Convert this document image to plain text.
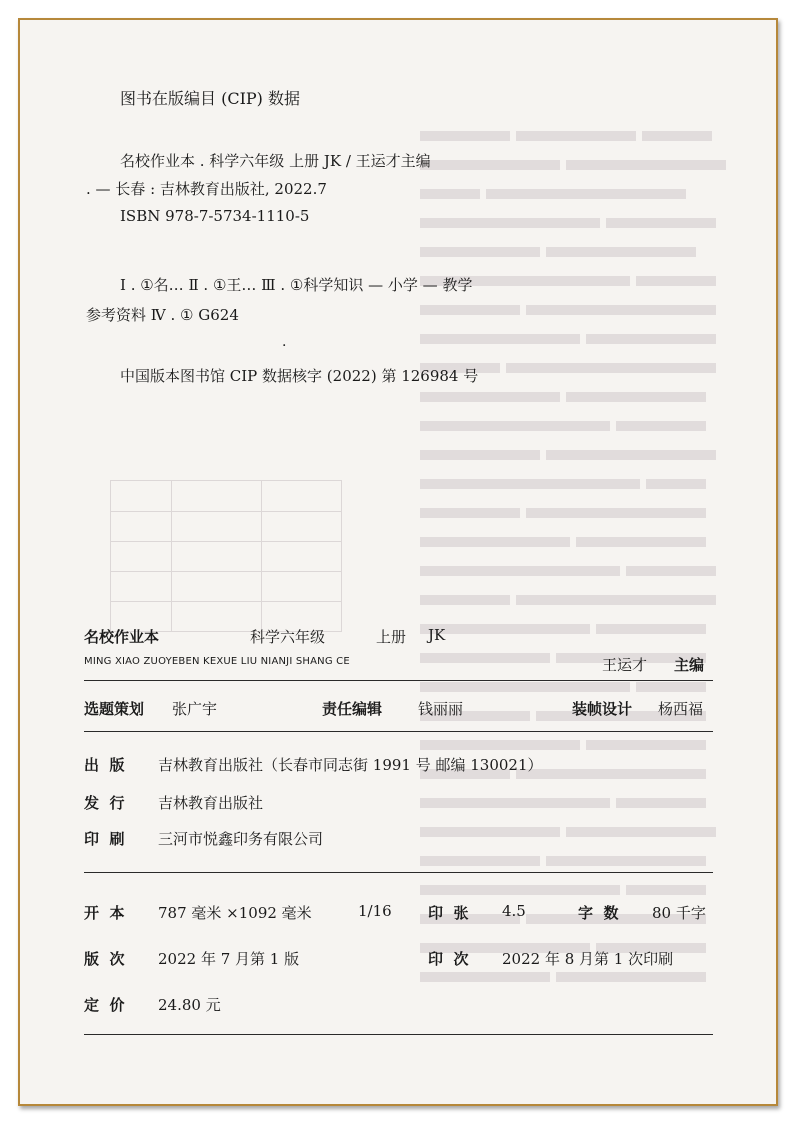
图书在版编目 (CIP) 数据
名校作业本 . 科学六年级 上册 JK / 王运才主编
. — 长春 : 吉林教育出版社, 2022.7
ISBN 978-7-5734-1110-5
Ⅰ . ①名… Ⅱ . ①王… Ⅲ . ①科学知识 — 小学 — 教学
参考资料 Ⅳ . ① G624
·
中国版本图书馆 CIP 数据核字 (2022) 第 126984 号
名校作业本	科学六年级	上册 JK
MING XIAO ZUOYEBEN KEXUE LIU NIANJI SHANG CE	王运才 主编
选题策划 张广宇	责任编辑 钱丽丽	装帧设计 杨西福
出  版 吉林教育出版社（长春市同志街 1991 号 邮编 130021）
发  行 吉林教育出版社
印  刷 三河市悦鑫印务有限公司
开  本 787 毫米 ×1092 毫米	1/16 印  张 4.5	字  数 80 千字
版  次 2022 年 7 月第 1 版	印  次 2022 年 8 月第 1 次印刷
定  价 24.80 元
